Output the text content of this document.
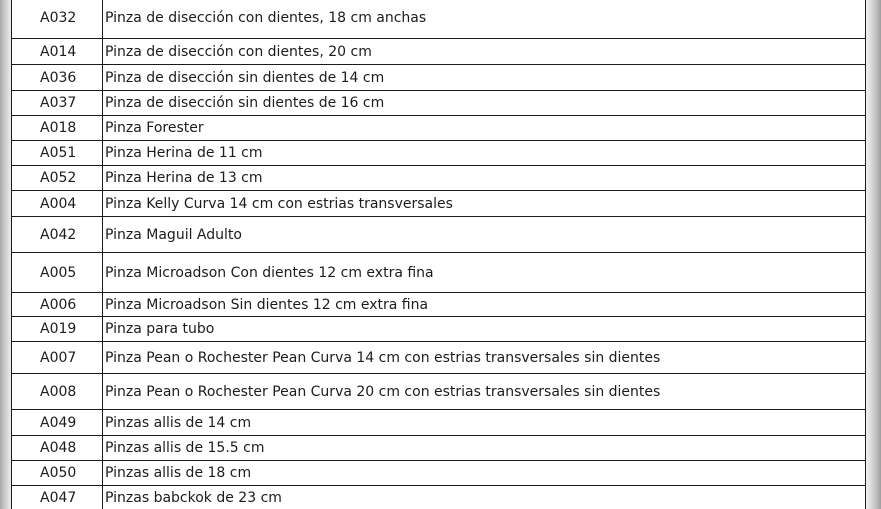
A032	Pinza de disección con dientes, 18 cm anchas
A014	Pinza de disección con dientes, 20 cm
A036	Pinza de disección sin dientes de 14 cm
A037	Pinza de disección sin dientes de 16 cm
A018	Pinza Forester
A051	Pinza Herina de 11 cm
A052	Pinza Herina de 13 cm
A004	Pinza Kelly Curva 14 cm con estrias transversales
A042	Pinza Maguil Adulto
A005	Pinza Microadson Con dientes 12 cm extra fina
A006	Pinza Microadson Sin dientes 12 cm extra fina
A019	Pinza para tubo
A007	Pinza Pean o Rochester Pean Curva 14 cm con estrias transversales sin dientes
A008	Pinza Pean o Rochester Pean Curva 20 cm con estrias transversales sin dientes
A049	Pinzas allis de 14 cm
A048	Pinzas allis de 15.5 cm
A050	Pinzas allis de 18 cm
A047	Pinzas babckok de 23 cm
